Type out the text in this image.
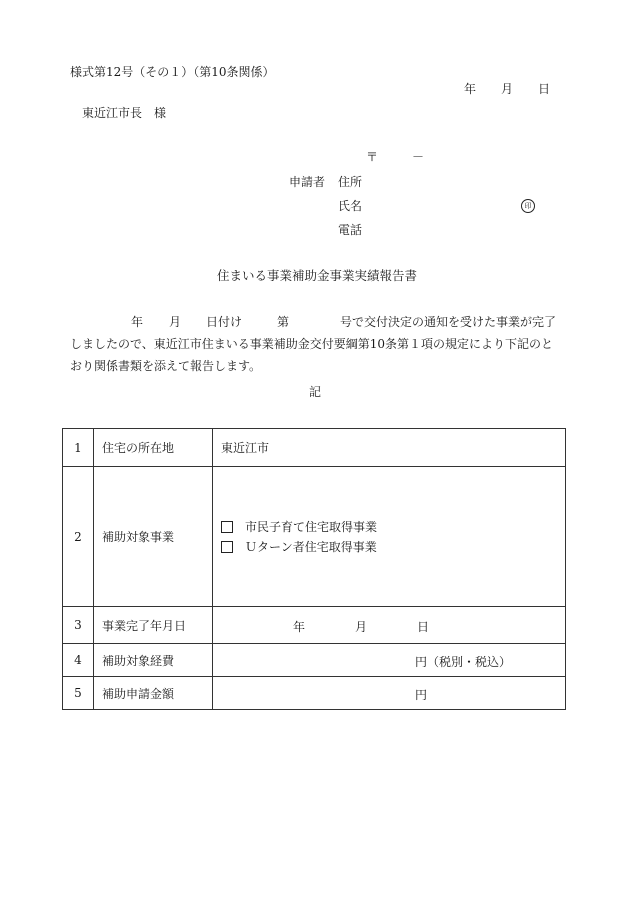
様式第12号（その１）（第10条関係）
年 月 日
東近江市長　様
〒	－
申請者 住所
氏名	印
電話
住まいる事業補助金事業実績報告書
年 月 日付け	第	号で交付決定の通知を受けた事業が完了
しましたので、東近江市住まいる事業補助金交付要綱第10条第１項の規定により下記のと
おり関係書類を添えて報告します。
記
1	住宅の所在地	東近江市
2	補助対象事業	市民子育て住宅取得事業
Ｕターン者住宅取得事業

3	事業完了年月日	年 月 日

4	補助対象経費	円（税別・税込）

5	補助申請金額	円
